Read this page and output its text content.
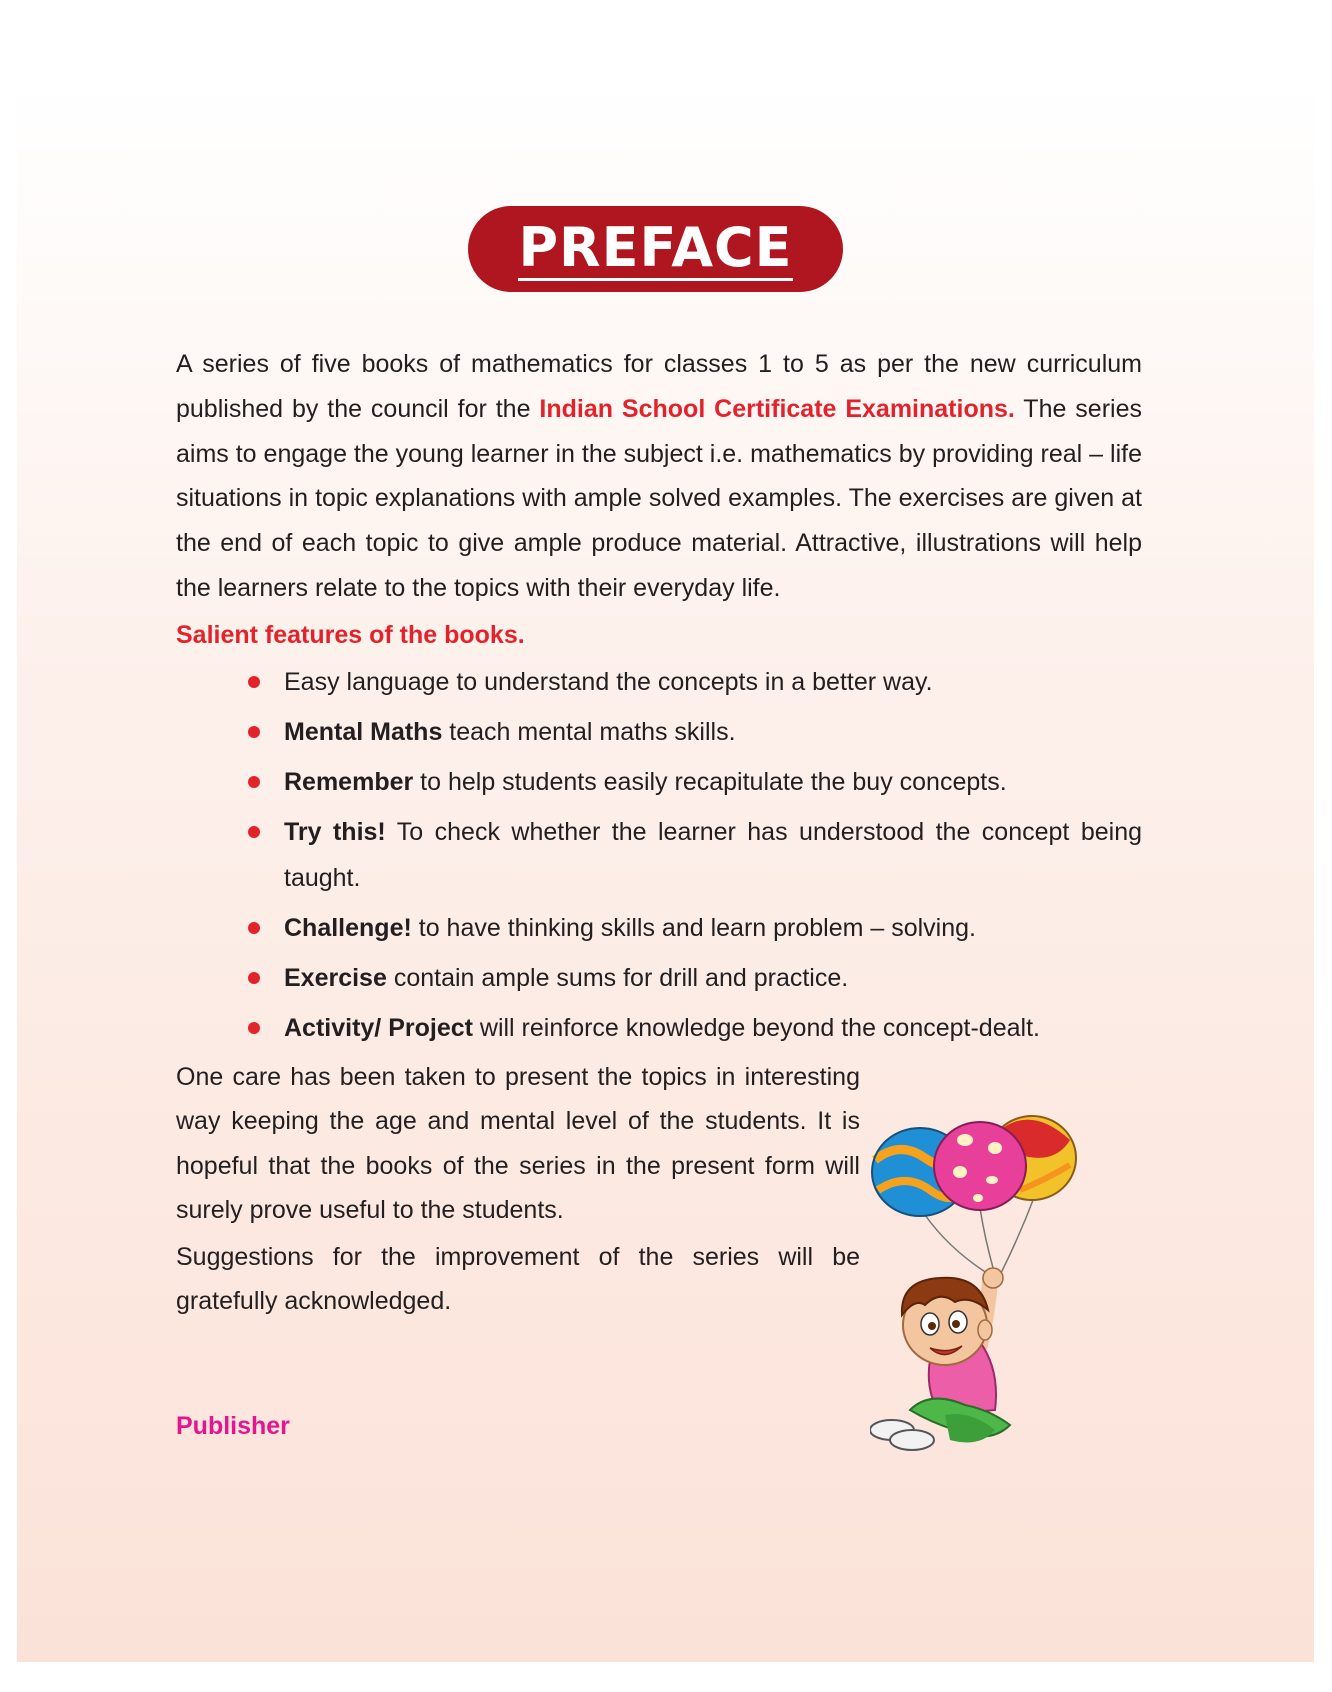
PREFACE

A series of five books of mathematics for classes 1 to 5 as per the new curriculum published by the council for the Indian School Certificate Examinations. The series aims to engage the young learner in the subject i.e. mathematics by providing real – life situations in topic explanations with ample solved examples. The exercises are given at the end of each topic to give ample produce material. Attractive, illustrations will help the learners relate to the topics with their everyday life.

Salient features of the books.

Easy language to understand the concepts in a better way.
Mental Maths teach mental maths skills.
Remember to help students easily recapitulate the buy concepts.
Try this! To check whether the learner has understood the concept being taught.
Challenge! to have thinking skills and learn problem – solving.
Exercise contain ample sums for drill and practice.
Activity/ Project will reinforce knowledge beyond the concept-dealt.

One care has been taken to present the topics in interesting way keeping the age and mental level of the students. It is hopeful that the books of the series in the present form will surely prove useful to the students.

Suggestions for the improvement of the series will be gratefully acknowledged.

Publisher
